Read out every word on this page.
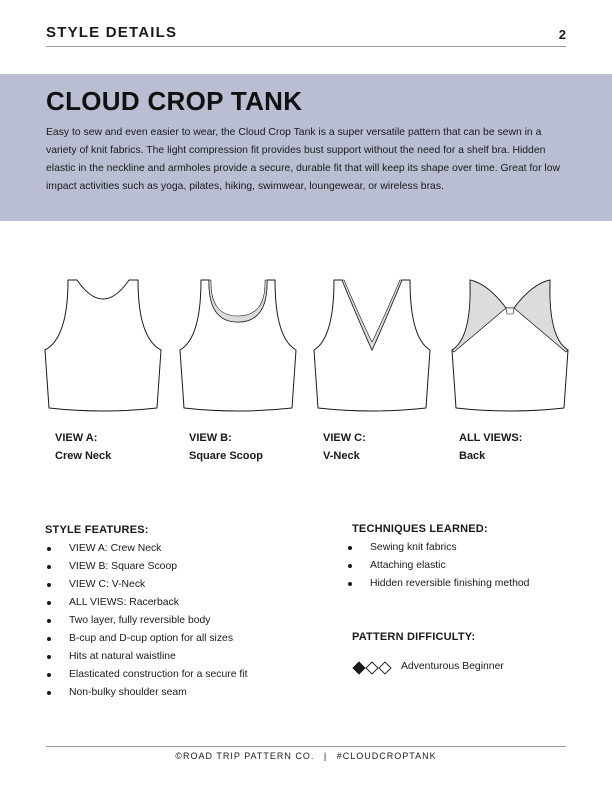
STYLE DETAILS	2
CLOUD CROP TANK

Easy to sew and even easier to wear, the Cloud Crop Tank is a super versatile pattern that can be sewn in a variety of knit fabrics. The light compression fit provides bust support without the need for a shelf bra. Hidden elastic in the neckline and armholes provide a secure, durable fit that will keep its shape over time. Great for low impact activities such as yoga, pilates, hiking, swimwear, loungewear, or wireless bras.

VIEW A:
Crew Neck
VIEW B:
Square Scoop
VIEW C:
V-Neck
ALL VIEWS:
Back
STYLE FEATURES:
VIEW A: Crew Neck
VIEW B: Square Scoop
VIEW C: V-Neck
ALL VIEWS: Racerback
Two layer, fully reversible body
B-cup and D-cup option for all sizes
Hits at natural waistline
Elasticated construction for a secure fit
Non-bulky shoulder seam
TECHNIQUES LEARNED:
Sewing knit fabrics
Attaching elastic
Hidden reversible finishing method
PATTERN DIFFICULTY:
Adventurous Beginner
©ROAD TRIP PATTERN CO. | #CLOUDCROPTANK
